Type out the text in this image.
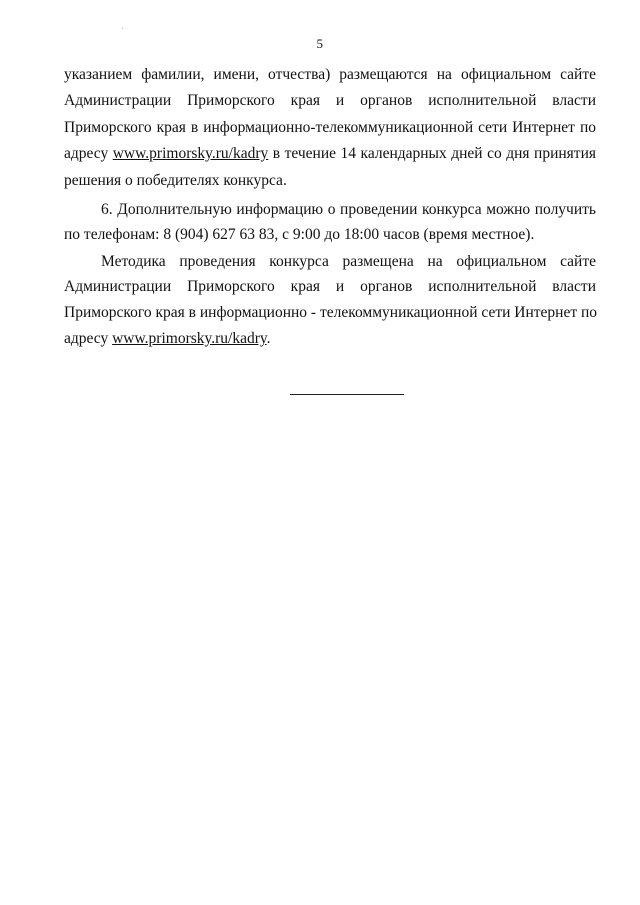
5
указанием фамилии, имени, отчества) размещаются на официальном сайте
Администрации Приморского края и органов исполнительной власти
Приморского края в информационно-телекоммуникационной сети Интернет по
адресу www.primorsky.ru/kadry в течение 14 календарных дней со дня принятия
решения о победителях конкурса.
6. Дополнительную информацию о проведении конкурса можно получить
по телефонам: 8 (904) 627 63 83, с 9:00 до 18:00 часов (время местное).
Методика проведения конкурса размещена на официальном сайте
Администрации Приморского края и органов исполнительной власти
Приморского края в информационно - телекоммуникационной сети Интернет по
адресу www.primorsky.ru/kadry.
